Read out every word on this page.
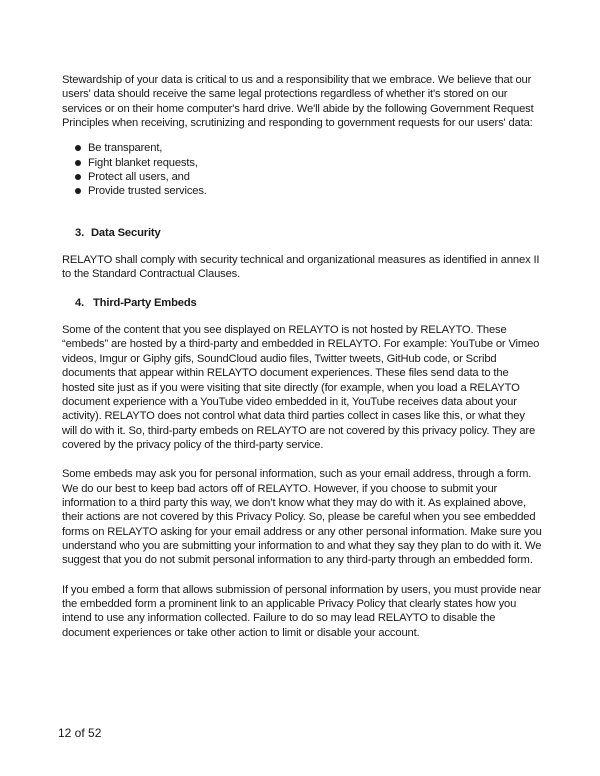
Stewardship of your data is critical to us and a responsibility that we embrace. We believe that our users' data should receive the same legal protections regardless of whether it's stored on our services or on their home computer's hard drive. We'll abide by the following Government Request Principles when receiving, scrutinizing and responding to government requests for our users' data:

Be transparent,
Fight blanket requests,
Protect all users, and
Provide trusted services.
3. Data Security

RELAYTO shall comply with security technical and organizational measures as identified in annex II to the Standard Contractual Clauses.

4. Third-Party Embeds

Some of the content that you see displayed on RELAYTO is not hosted by RELAYTO. These “embeds” are hosted by a third-party and embedded in RELAYTO. For example: YouTube or Vimeo videos, Imgur or Giphy gifs, SoundCloud audio files, Twitter tweets, GitHub code, or Scribd documents that appear within RELAYTO document experiences. These files send data to the hosted site just as if you were visiting that site directly (for example, when you load a RELAYTO document experience with a YouTube video embedded in it, YouTube receives data about your activity). RELAYTO does not control what data third parties collect in cases like this, or what they will do with it. So, third-party embeds on RELAYTO are not covered by this privacy policy. They are covered by the privacy policy of the third-party service.

Some embeds may ask you for personal information, such as your email address, through a form. We do our best to keep bad actors off of RELAYTO. However, if you choose to submit your information to a third party this way, we don’t know what they may do with it. As explained above, their actions are not covered by this Privacy Policy. So, please be careful when you see embedded forms on RELAYTO asking for your email address or any other personal information. Make sure you understand who you are submitting your information to and what they say they plan to do with it. We suggest that you do not submit personal information to any third-party through an embedded form.

If you embed a form that allows submission of personal information by users, you must provide near the embedded form a prominent link to an applicable Privacy Policy that clearly states how you intend to use any information collected. Failure to do so may lead RELAYTO to disable the document experiences or take other action to limit or disable your account.

12 of 52
